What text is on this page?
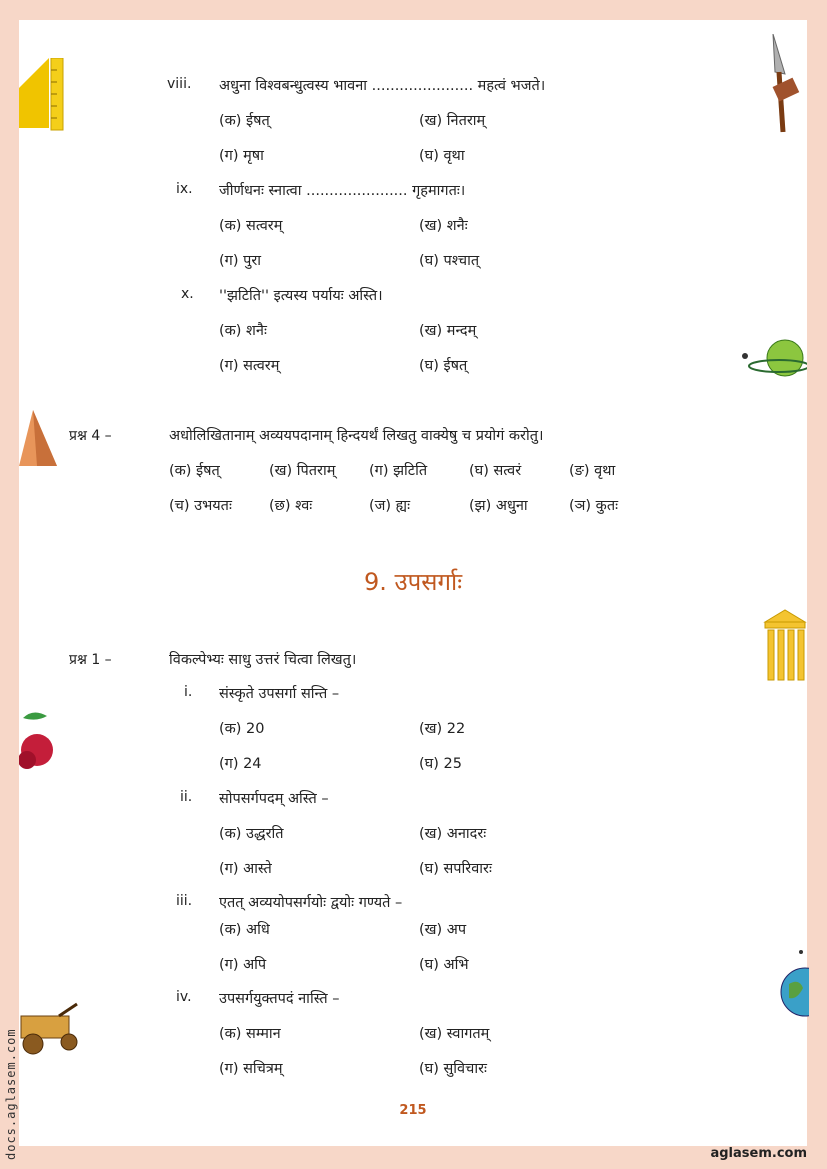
viii. अधुना विश्वबन्धुत्वस्य भावना ...................... महत्वं भजते।
(क) ईषत्	(ख) नितराम्
(ग) मृषा	(घ) वृथा
ix. जीर्णधनः स्नात्वा ...................... गृहमागतः।
(क) सत्वरम्	(ख) शनैः
(ग) पुरा	(घ) पश्चात्
x. ''झटिति'' इत्यस्य पर्यायः अस्ति।
(क) शनैः	(ख) मन्दम्
(ग) सत्वरम्	(घ) ईषत्
प्रश्न 4 –	अधोलिखितानाम् अव्ययपदानाम् हिन्दयर्थं लिखतु वाक्येषु च प्रयोगं करोतु।
(क) ईषत्	(ख) पितराम् (ग) झटिति	(घ) सत्वरं	(ङ) वृथा
(च) उभयतः	(छ) श्वः	(ज) ह्यः	(झ) अधुना	(ञ) कुतः
9. उपसर्गाः
प्रश्न 1 –	विकल्पेभ्यः साधु उत्तरं चित्वा लिखतु।
i. संस्कृते उपसर्गा सन्ति –
(क) 20	(ख) 22
(ग) 24	(घ) 25
ii. सोपसर्गपदम् अस्ति –
(क) उद्धरति	(ख) अनादरः
(ग) आस्ते	(घ) सपरिवारः
iii. एतत् अव्ययोपसर्गयोः द्वयोः गण्यते –
(क) अधि	(ख) अप
(ग) अपि	(घ) अभि
iv. उपसर्गयुक्तपदं नास्ति –
(क) सम्मान	(ख) स्वागतम्
(ग) सचित्रम्	(घ) सुविचारः
215
docs.aglasem.com	aglasem.com
